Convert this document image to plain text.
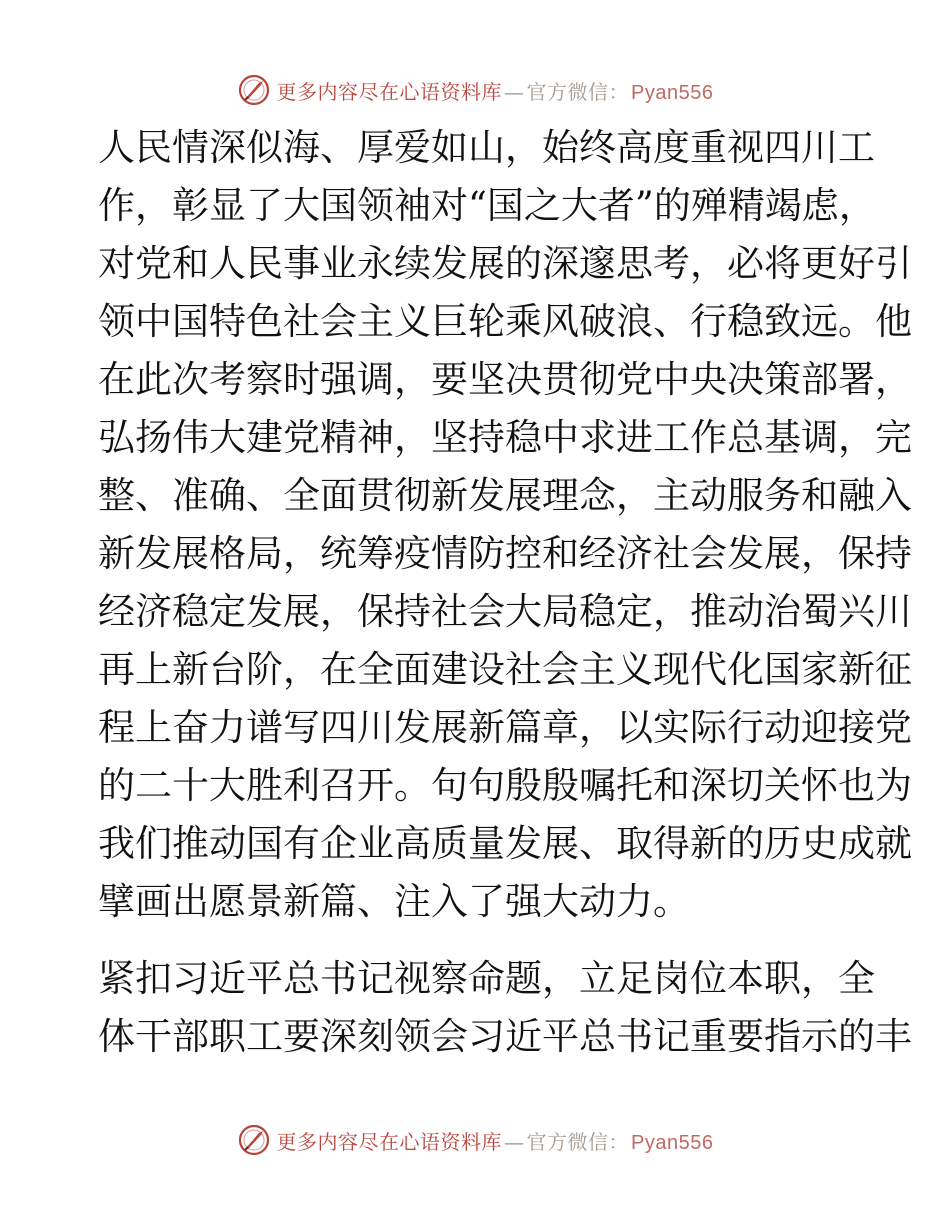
更多内容尽在心语资料库 — 官方微信： Pyan556
人民情深似海、厚爱如山，始终高度重视四川工
作，彰显了大国领袖对“国之大者”的殚精竭虑，
对党和人民事业永续发展的深邃思考，必将更好引
领中国特色社会主义巨轮乘风破浪、行稳致远。他
在此次考察时强调，要坚决贯彻党中央决策部署，
弘扬伟大建党精神，坚持稳中求进工作总基调，完
整、准确、全面贯彻新发展理念，主动服务和融入
新发展格局，统筹疫情防控和经济社会发展，保持
经济稳定发展，保持社会大局稳定，推动治蜀兴川
再上新台阶，在全面建设社会主义现代化国家新征
程上奋力谱写四川发展新篇章，以实际行动迎接党
的二十大胜利召开。句句殷殷嘱托和深切关怀也为
我们推动国有企业高质量发展、取得新的历史成就
擘画出愿景新篇、注入了强大动力。
紧扣习近平总书记视察命题，立足岗位本职，全
体干部职工要深刻领会习近平总书记重要指示的丰
更多内容尽在心语资料库 — 官方微信： Pyan556
